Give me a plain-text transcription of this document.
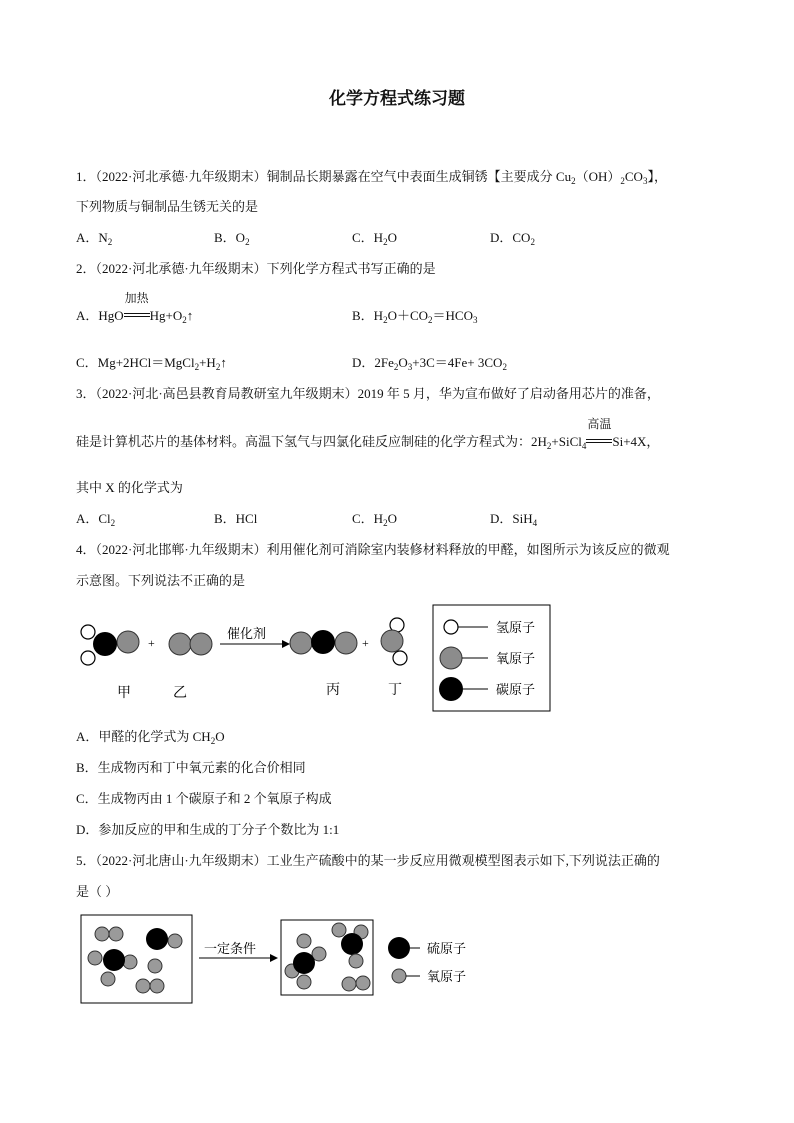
化学方程式练习题
1．（2022·河北承德·九年级期末）铜制品长期暴露在空气中表面生成铜锈【主要成分 $Cu_2(OH)_2CO_3$】，
下列物质与铜制品生锈无关的是
A．$N_2$	B．$O_2$	C．$H_2O$	D．$CO_2$
2．（2022·河北承德·九年级期末）下列化学方程式书写正确的是
A．HgO
加热
$Hg+O_2↑$	B．$H_2O+CO_2=HCO_3$
C．$Mg+2HCl=MgCl_2+H_2↑$	D．$2Fe_2O_3+3C=4Fe+ 3CO_2$
3．（2022·河北·高邑县教育局教研室九年级期末）2019 年 5 月，华为宣布做好了启动备用芯片的准备，
硅是计算机芯片的基体材料。高温下氢气与四氯化硅反应制硅的化学方程式为：$2H_2+SiCl_4$
高温
Si+4X，
其中 X 的化学式为
A．$Cl_2$	B．HCl	C．$H_2O$	D．SiH$_4$
4．（2022·河北邯郸·九年级期末）利用催化剂可消除室内装修材料释放的甲醛，如图所示为该反应的微观
示意图。下列说法不正确的是
+
催化剂
+
甲	乙	丙	丁
氢原子
氧原子
碳原子
A．甲醛的化学式为 $CH_2O$
B．生成物丙和丁中氧元素的化合价相同
C．生成物丙由 1 个碳原子和 2 个氧原子构成
D．参加反应的甲和生成的丁分子个数比为 1:1
5．（2022·河北唐山·九年级期末）工业生产硫酸中的某一步反应用微观模型图表示如下,下列说法正确的
是（ ）
一定条件	硫原子
氧原子
